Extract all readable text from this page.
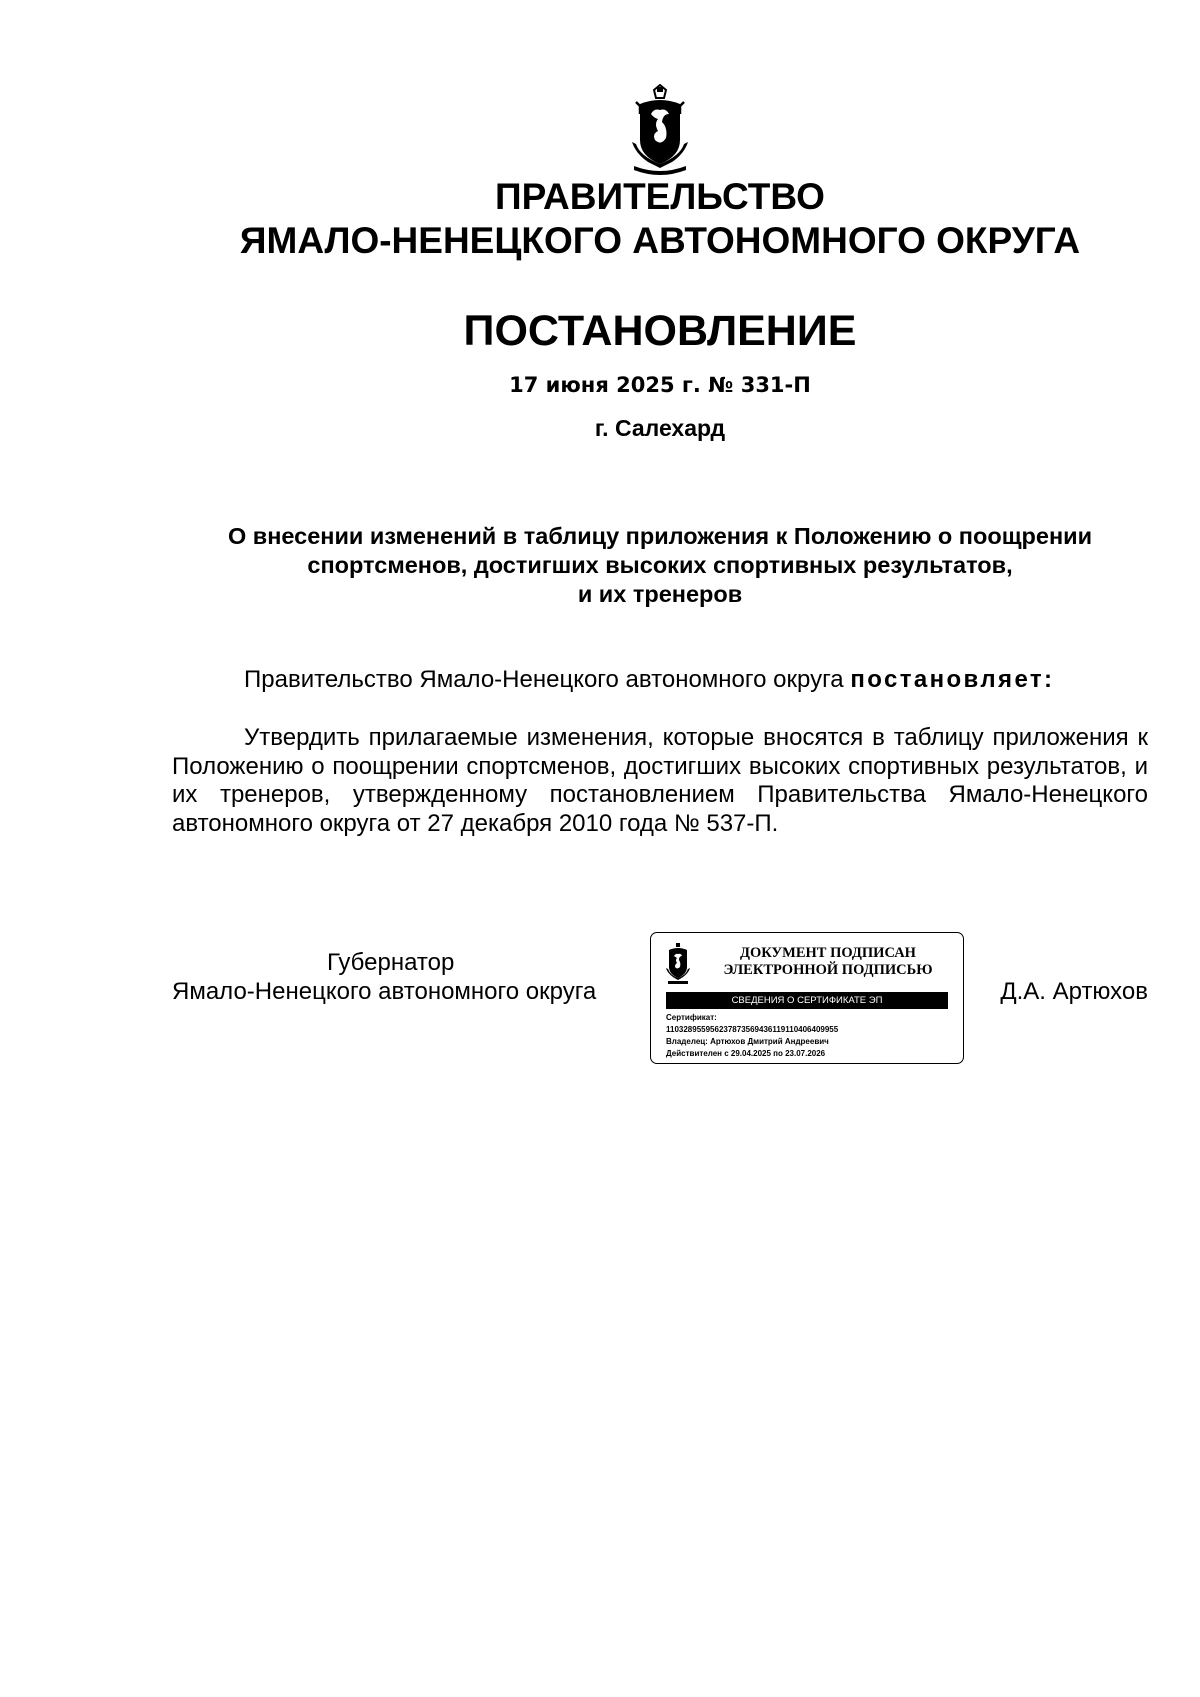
ПРАВИТЕЛЬСТВО
ЯМАЛО-НЕНЕЦКОГО АВТОНОМНОГО ОКРУГА
ПОСТАНОВЛЕНИЕ
17 июня 2025 г. № 331-П
г. Салехард

О внесении изменений в таблицу приложения к Положению о поощрении
спортсменов, достигших высоких спортивных результатов,
и их тренеров

Правительство Ямало-Ненецкого автономного округа постановляет:

Утвердить прилагаемые изменения, которые вносятся в таблицу приложения к Положению о поощрении спортсменов, достигших высоких спортивных результатов, и их тренеров, утвержденному постановлением Правительства Ямало-Ненецкого автономного округа от 27 декабря 2010 года № 537-П.

Губернатор
Ямало-Ненецкого автономного округа

ДОКУМЕНТ ПОДПИСАН
ЭЛЕКТРОННОЙ ПОДПИСЬЮ
СВЕДЕНИЯ О СЕРТИФИКАТЕ ЭП
Сертификат:
110328955956237873569436119110406409955
Владелец: Артюхов Дмитрий Андреевич
Действителен с 29.04.2025 по 23.07.2026

Д.А. Артюхов
